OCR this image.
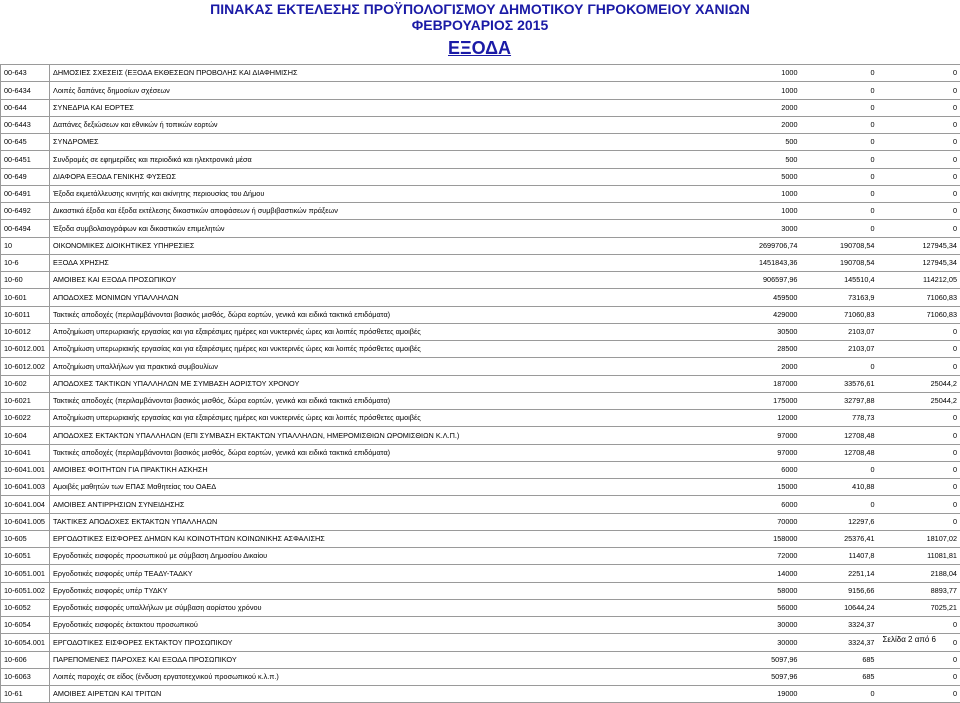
ΠΙΝΑΚΑΣ ΕΚΤΕΛΕΣΗΣ ΠΡΟΫΠΟΛΟΓΙΣΜΟΥ ΔΗΜΟΤΙΚΟΥ ΓΗΡΟΚΟΜΕΙΟΥ ΧΑΝΙΩΝ
ΦΕΒΡΟΥΑΡΙΟΣ 2015
ΕΞΟΔΑ
00-643	ΔΗΜΟΣΙΕΣ ΣΧΕΣΕΙΣ (ΕΞΟΔΑ ΕΚΘΕΣΕΩΝ ΠΡΟΒΟΛΗΣ ΚΑΙ ΔΙΑΦΗΜΙΣΗΣ	1000	0	0
00-6434	Λοιπές δαπάνες δημοσίων σχέσεων	1000	0	0
00-644	ΣΥΝΕΔΡΙΑ ΚΑΙ ΕΟΡΤΕΣ	2000	0	0
00-6443	Δαπάνες δεξιώσεων και εθνικών ή τοπικών εορτών	2000	0	0
00-645	ΣΥΝΔΡΟΜΕΣ	500	0	0
00-6451	Συνδρομές σε εφημερίδες και περιοδικά και ηλεκτρονικά μέσα	500	0	0
00-649	ΔΙΑΦΟΡΑ ΕΞΟΔΑ ΓΕΝΙΚΗΣ ΦΥΣΕΩΣ	5000	0	0
00-6491	Έξοδα εκμετάλλευσης κινητής και ακίνητης περιουσίας του Δήμου	1000	0	0
00-6492	Δικαστικά έξοδα και έξοδα εκτέλεσης δικαστικών αποφάσεων ή συμβιβαστικών πράξεων	1000	0	0
00-6494	Έξοδα συμβολαιογράφων και δικαστικών επιμελητών	3000	0	0
10	ΟΙΚΟΝΟΜΙΚΕΣ ΔΙΟΙΚΗΤΙΚΕΣ ΥΠΗΡΕΣΙΕΣ	2699706,74	190708,54	127945,34
10-6	ΕΞΟΔΑ ΧΡΗΣΗΣ	1451843,36	190708,54	127945,34
10-60	ΑΜΟΙΒΕΣ ΚΑΙ ΕΞΟΔΑ ΠΡΟΣΩΠΙΚΟΥ	906597,96	145510,4	114212,05
10-601	ΑΠΟΔΟΧΕΣ ΜΟΝΙΜΩΝ ΥΠΑΛΛΗΛΩΝ	459500	73163,9	71060,83
10-6011	Τακτικές αποδοχές (περιλαμβάνονται βασικός μισθός, δώρα εορτών, γενικά και ειδικά τακτικά επιδόματα)	429000	71060,83	71060,83
10-6012	Αποζημίωση υπερωριακής εργασίας και για εξαιρέσιμες ημέρες και νυκτερινές ώρες και λοιπές πρόσθετες αμοιβές	30500	2103,07	0
10-6012.001	Αποζημίωση υπερωριακής εργασίας και για εξαιρέσιμες ημέρες και νυκτερινές ώρες και λοιπές πρόσθετες αμοιβές	28500	2103,07	0
10-6012.002	Αποζημίωση υπαλλήλων για πρακτικά συμβουλίων	2000	0	0
10-602	ΑΠΟΔΟΧΕΣ ΤΑΚΤΙΚΩΝ ΥΠΑΛΛΗΛΩΝ ΜΕ ΣΥΜΒΑΣΗ ΑΟΡΙΣΤΟΥ ΧΡΟΝΟΥ	187000	33576,61	25044,2
10-6021	Τακτικές αποδοχές (περιλαμβάνονται βασικός μισθός, δώρα εορτών, γενικά και ειδικά τακτικά επιδόματα)	175000	32797,88	25044,2
10-6022	Αποζημίωση υπερωριακής εργασίας και για εξαιρέσιμες ημέρες και νυκτερινές ώρες και λοιπές πρόσθετες αμοιβές	12000	778,73	0
10-604	ΑΠΟΔΟΧΕΣ ΕΚΤΑΚΤΩΝ ΥΠΑΛΛΗΛΩΝ (ΕΠΙ ΣΥΜΒΑΣΗ ΕΚΤΑΚΤΩΝ ΥΠΑΛΛΗΛΩΝ, ΗΜΕΡΟΜΙΣΘΙΩΝ ΩΡΟΜΙΣΘΙΩΝ Κ.Λ.Π.)	97000	12708,48	0
10-6041	Τακτικές αποδοχές (περιλαμβάνονται βασικός μισθός, δώρα εορτών, γενικά και ειδικά τακτικά επιδόματα)	97000	12708,48	0
10-6041.001	ΑΜΟΙΒΕΣ ΦΟΙΤΗΤΩΝ ΓΙΑ ΠΡΑΚΤΙΚΗ ΑΣΚΗΣΗ	6000	0	0
10-6041.003	Αμοιβές μαθητών των ΕΠΑΣ Μαθητείας του ΟΑΕΔ	15000	410,88	0
10-6041.004	ΑΜΟΙΒΕΣ ΑΝΤΙΡΡΗΣΙΩΝ ΣΥΝΕΙΔΗΣΗΣ	6000	0	0
10-6041.005	ΤΑΚΤΙΚΕΣ ΑΠΟΔΟΧΕΣ ΕΚΤΑΚΤΩΝ ΥΠΑΛΛΗΛΩΝ	70000	12297,6	0
10-605	ΕΡΓΟΔΟΤΙΚΕΣ ΕΙΣΦΟΡΕΣ ΔΗΜΩΝ ΚΑΙ ΚΟΙΝΟΤΗΤΩΝ ΚΟΙΝΩΝΙΚΗΣ ΑΣΦΑΛΙΣΗΣ	158000	25376,41	18107,02
10-6051	Εργοδοτικές εισφορές προσωπικού με σύμβαση Δημοσίου Δικαίου	72000	11407,8	11081,81
10-6051.001	Εργοδοτικές εισφορές υπέρ ΤΕΑΔΥ-ΤΑΔΚΥ	14000	2251,14	2188,04
10-6051.002	Εργοδοτικές εισφορές υπέρ ΤΥΔΚΥ	58000	9156,66	8893,77
10-6052	Εργοδοτικές εισφορές υπαλλήλων με σύμβαση αορίστου χρόνου	56000	10644,24	7025,21
10-6054	Εργοδοτικές εισφορές έκτακτου προσωπικού	30000	3324,37	0
10-6054.001	ΕΡΓΟΔΟΤΙΚΕΣ ΕΙΣΦΟΡΕΣ ΕΚΤΑΚΤΟΥ ΠΡΟΣΩΠΙΚΟΥ	30000	3324,37	0
10-606	ΠΑΡΕΠΟΜΕΝΕΣ ΠΑΡΟΧΕΣ ΚΑΙ ΕΞΟΔΑ ΠΡΟΣΩΠΙΚΟΥ	5097,96	685	0
10-6063	Λοιπές παροχές σε είδος (ένδυση εργατοτεχνικού προσωπικού κ.λ.π.)	5097,96	685	0
10-61	ΑΜΟΙΒΕΣ ΑΙΡΕΤΩΝ ΚΑΙ ΤΡΙΤΩΝ	19000	0	0
Σελίδα 2 από 6
